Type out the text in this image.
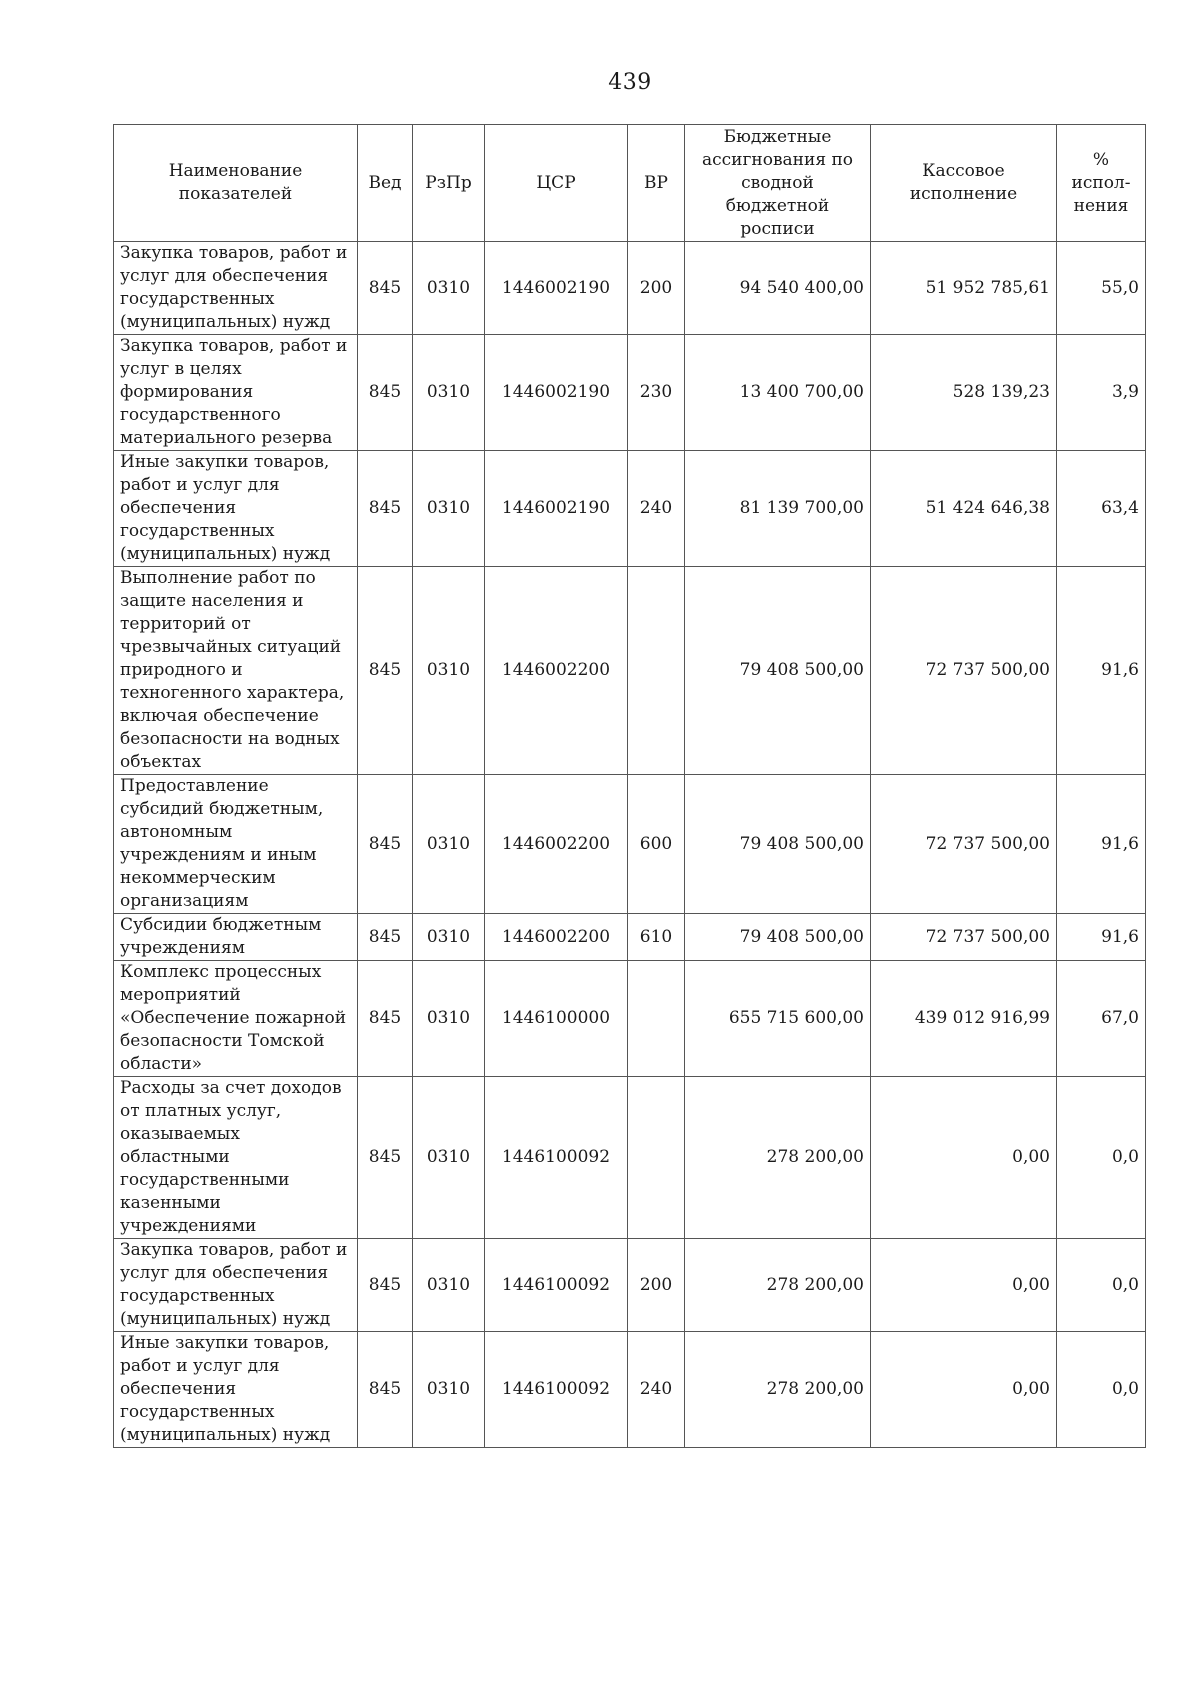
439
Наименование показателей	Вед	РзПр	ЦСР	ВР	Бюджетные ассигнования по сводной бюджетной росписи	Кассовое исполнение	% испол-нения
Закупка товаров, работ и услуг для обеспечения государственных (муниципальных) нужд	845	0310	1446002190	200	94 540 400,00	51 952 785,61	55,0
Закупка товаров, работ и услуг в целях формирования государственного материального резерва	845	0310	1446002190	230	13 400 700,00	528 139,23	3,9
Иные закупки товаров, работ и услуг для обеспечения государственных (муниципальных) нужд	845	0310	1446002190	240	81 139 700,00	51 424 646,38	63,4
Выполнение работ по защите населения и территорий от чрезвычайных ситуаций природного и техногенного характера, включая обеспечение безопасности на водных объектах	845	0310	1446002200		79 408 500,00	72 737 500,00	91,6
Предоставление субсидий бюджетным, автономным учреждениям и иным некоммерческим организациям	845	0310	1446002200	600	79 408 500,00	72 737 500,00	91,6
Субсидии бюджетным учреждениям	845	0310	1446002200	610	79 408 500,00	72 737 500,00	91,6
Комплекс процессных мероприятий «Обеспечение пожарной безопасности Томской области»	845	0310	1446100000		655 715 600,00	439 012 916,99	67,0
Расходы за счет доходов от платных услуг, оказываемых областными государственными казенными учреждениями	845	0310	1446100092		278 200,00	0,00	0,0
Закупка товаров, работ и услуг для обеспечения государственных (муниципальных) нужд	845	0310	1446100092	200	278 200,00	0,00	0,0
Иные закупки товаров, работ и услуг для обеспечения государственных (муниципальных) нужд	845	0310	1446100092	240	278 200,00	0,00	0,0
